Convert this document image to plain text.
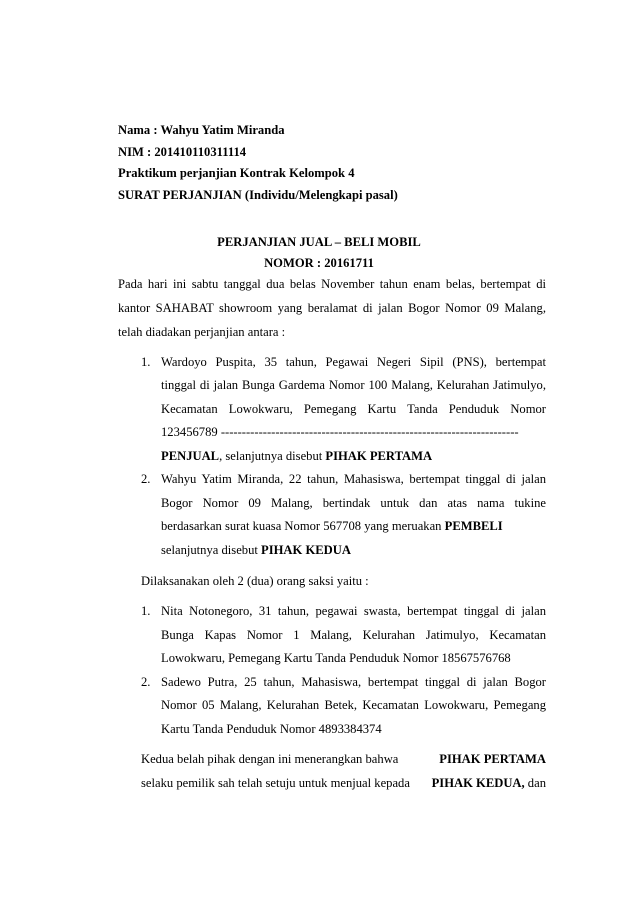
Nama : Wahyu Yatim Miranda
NIM : 201410110311114
Praktikum perjanjian Kontrak Kelompok 4
SURAT PERJANJIAN (Individu/Melengkapi pasal)
PERJANJIAN JUAL – BELI MOBIL
NOMOR : 20161711
Pada hari ini sabtu tanggal dua belas November tahun enam belas, bertempat di
kantor SAHABAT showroom yang beralamat di jalan Bogor Nomor 09 Malang,
telah diadakan perjanjian antara :
1. Wardoyo Puspita, 35 tahun, Pegawai Negeri Sipil (PNS), bertempat
tinggal di jalan Bunga Gardema Nomor 100 Malang, Kelurahan Jatimulyo,
Kecamatan Lowokwaru, Pemegang Kartu Tanda Penduduk Nomor
123456789 -----------------------------------------------------------------------
PENJUAL, selanjutnya disebut PIHAK PERTAMA
2. Wahyu Yatim Miranda, 22 tahun, Mahasiswa, bertempat tinggal di jalan
Bogor Nomor 09 Malang, bertindak untuk dan atas nama tukine
berdasarkan surat kuasa Nomor 567708 yang meruakan PEMBELI
selanjutnya disebut PIHAK KEDUA
Dilaksanakan oleh 2 (dua) orang saksi yaitu :
1. Nita Notonegoro, 31 tahun, pegawai swasta, bertempat tinggal di jalan
Bunga Kapas Nomor 1 Malang, Kelurahan Jatimulyo, Kecamatan
Lowokwaru, Pemegang Kartu Tanda Penduduk Nomor 18567576768
2. Sadewo Putra, 25 tahun, Mahasiswa, bertempat tinggal di jalan Bogor
Nomor 05 Malang, Kelurahan Betek, Kecamatan Lowokwaru, Pemegang
Kartu Tanda Penduduk Nomor 4893384374
Kedua belah pihak dengan ini menerangkan bahwa	PIHAK PERTAMA
selaku pemilik sah telah setuju untuk menjual kepada PIHAK KEDUA, dan
